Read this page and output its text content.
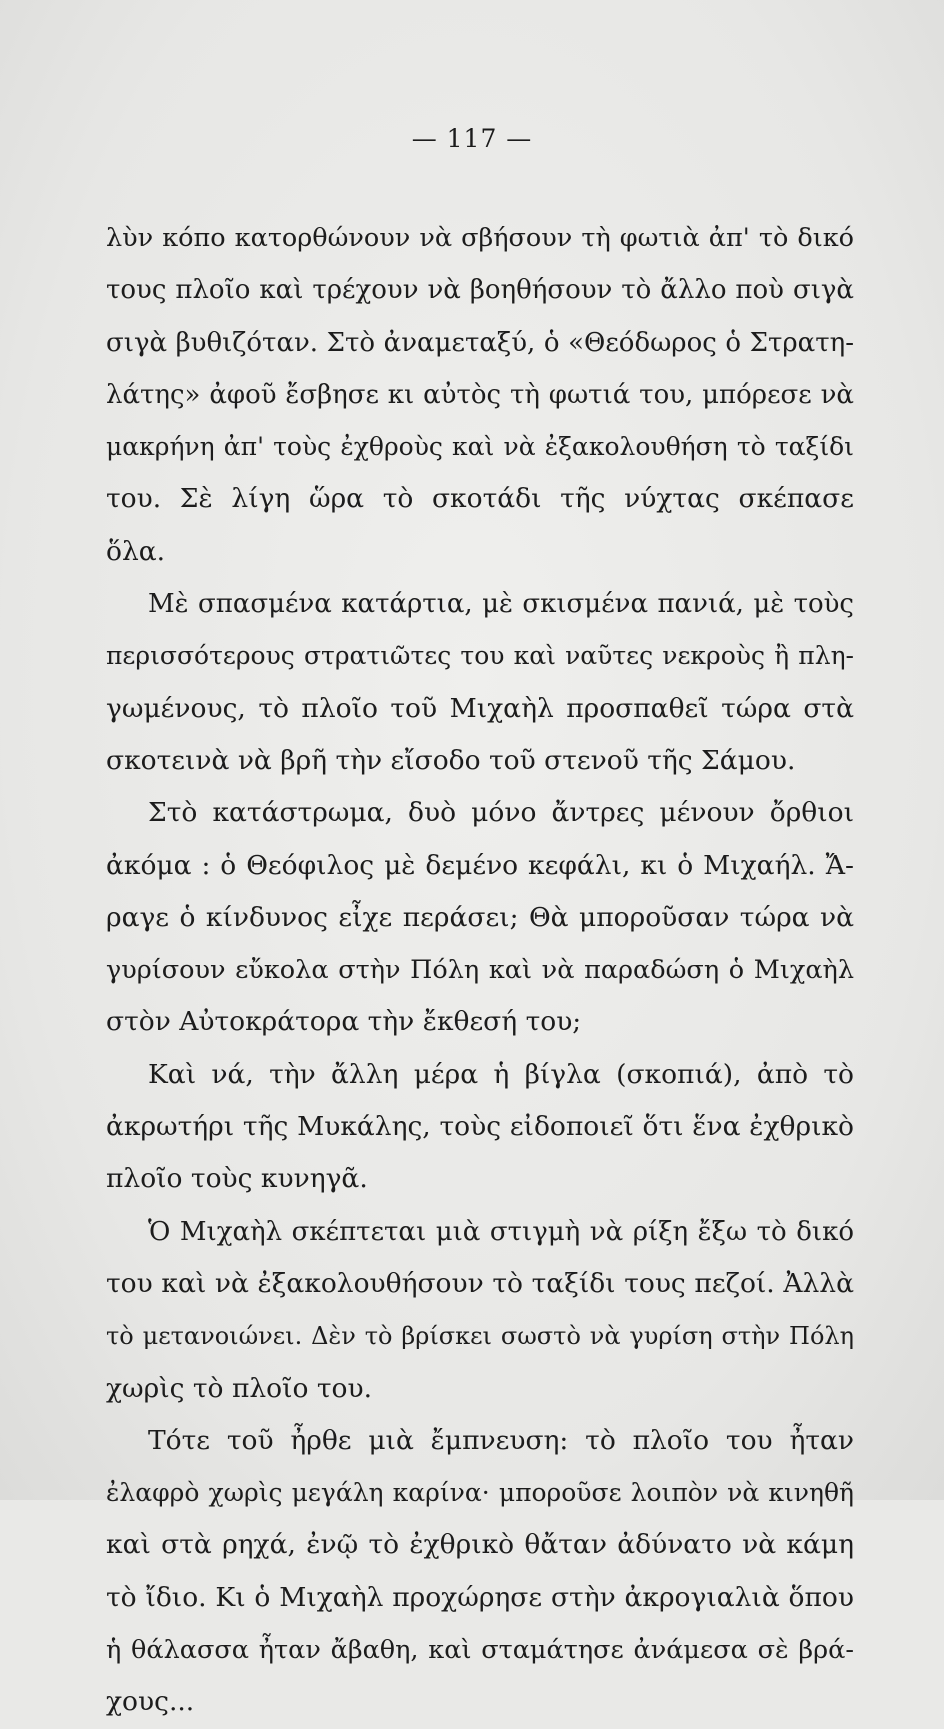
— 117 —
λὺν κόπο κατορθώνουν νὰ σβήσουν τὴ φωτιὰ ἀπ' τὸ δικό
τους πλοῖο καὶ τρέχουν νὰ βοηθήσουν τὸ ἄλλο ποὺ σιγὰ
σιγὰ βυθιζόταν. Στὸ ἀναμεταξύ, ὁ «Θεόδωρος ὁ Στρατη-
λάτης» ἀφοῦ ἔσβησε κι αὐτὸς τὴ φωτιά του, μπόρεσε νὰ
μακρήνη ἀπ' τοὺς ἐχθροὺς καὶ νὰ ἐξακολουθήση τὸ ταξίδι
του. Σὲ λίγη ὥρα τὸ σκοτάδι τῆς νύχτας σκέπασε
ὅλα.
Μὲ σπασμένα κατάρτια, μὲ σκισμένα πανιά, μὲ τοὺς
περισσότερους στρατιῶτες του καὶ ναῦτες νεκροὺς ἢ πλη-
γωμένους, τὸ πλοῖο τοῦ Μιχαὴλ προσπαθεῖ τώρα στὰ
σκοτεινὰ νὰ βρῆ τὴν εἴσοδο τοῦ στενοῦ τῆς Σάμου.
Στὸ κατάστρωμα, δυὸ μόνο ἄντρες μένουν ὄρθιοι
ἀκόμα : ὁ Θεόφιλος μὲ δεμένο κεφάλι, κι ὁ Μιχαήλ. Ἄ-
ραγε ὁ κίνδυνος εἶχε περάσει; Θὰ μποροῦσαν τώρα νὰ
γυρίσουν εὔκολα στὴν Πόλη καὶ νὰ παραδώση ὁ Μιχαὴλ
στὸν Αὐτοκράτορα τὴν ἔκθεσή του;
Καὶ νά, τὴν ἄλλη μέρα ἡ βίγλα (σκοπιά), ἀπὸ τὸ
ἀκρωτήρι τῆς Μυκάλης, τοὺς εἰδοποιεῖ ὅτι ἕνα ἐχθρικὸ
πλοῖο τοὺς κυνηγᾶ.
Ὁ Μιχαὴλ σκέπτεται μιὰ στιγμὴ νὰ ρίξη ἔξω τὸ δικό
του καὶ νὰ ἐξακολουθήσουν τὸ ταξίδι τους πεζοί. Ἀλλὰ
τὸ μετανοιώνει. Δὲν τὸ βρίσκει σωστὸ νὰ γυρίση στὴν Πόλη
χωρὶς τὸ πλοῖο του.
Τότε τοῦ ἦρθε μιὰ ἔμπνευση: τὸ πλοῖο του ἦταν
ἐλαφρὸ χωρὶς μεγάλη καρίνα· μποροῦσε λοιπὸν νὰ κινηθῆ
καὶ στὰ ρηχά, ἐνῷ τὸ ἐχθρικὸ θἄταν ἀδύνατο νὰ κάμη
τὸ ἴδιο. Κι ὁ Μιχαὴλ προχώρησε στὴν ἀκρογιαλιὰ ὅπου
ἡ θάλασσα ἦταν ἄβαθη, καὶ σταμάτησε ἀνάμεσα σὲ βρά-
χους...
